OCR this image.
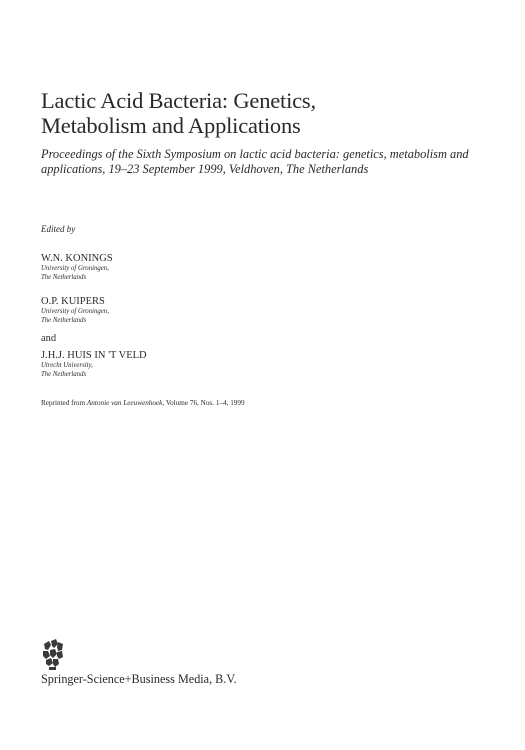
Lactic Acid Bacteria: Genetics,
Metabolism and Applications

Proceedings of the Sixth Symposium on lactic acid bacteria: genetics, metabolism and
applications, 19–23 September 1999, Veldhoven, The Netherlands

Edited by
W.N. KONINGS
University of Groningen,
The Netherlands
O.P. KUIPERS
University of Groningen,
The Netherlands
and
J.H.J. HUIS IN 'T VELD
Utrecht University,
The Netherlands
Reprinted from Antonie van Leeuwenhoek, Volume 76, Nos. 1–4, 1999
Springer-Science+Business Media, B.V.
